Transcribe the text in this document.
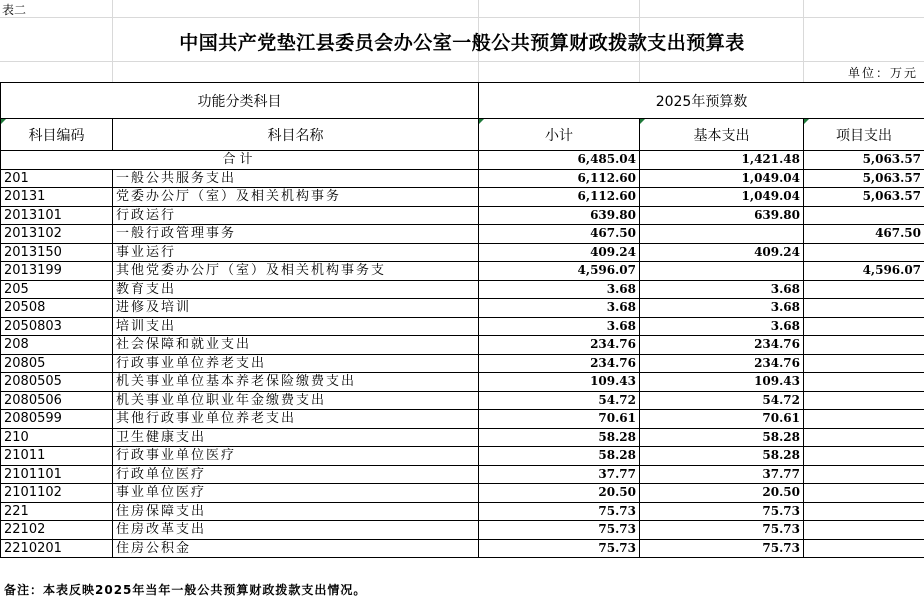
表二
中国共产党垫江县委员会办公室一般公共预算财政拨款支出预算表
单位：万元
功能分类科目		2025年预算数		

科目编码	科目名称	小计	基本支出	项目支出
合计		6,485.04	1,421.48	5,063.57
201	一般公共服务支出	6,112.60	1,049.04	5,063.57
20131	党委办公厅（室）及相关机构事务	6,112.60	1,049.04	5,063.57
2013101	行政运行	639.80	639.80	
2013102	一般行政管理事务	467.50		467.50
2013150	事业运行	409.24	409.24	
2013199	其他党委办公厅（室）及相关机构事务支	4,596.07		4,596.07
205	教育支出	3.68	3.68	
20508	进修及培训	3.68	3.68	
2050803	培训支出	3.68	3.68	
208	社会保障和就业支出	234.76	234.76	
20805	行政事业单位养老支出	234.76	234.76	
2080505	机关事业单位基本养老保险缴费支出	109.43	109.43	
2080506	机关事业单位职业年金缴费支出	54.72	54.72	
2080599	其他行政事业单位养老支出	70.61	70.61	
210	卫生健康支出	58.28	58.28	
21011	行政事业单位医疗	58.28	58.28	
2101101	行政单位医疗	37.77	37.77	
2101102	事业单位医疗	20.50	20.50	
221	住房保障支出	75.73	75.73	
22102	住房改革支出	75.73	75.73	
2210201	住房公积金	75.73	75.73	
备注：本表反映2025年当年一般公共预算财政拨款支出情况。
